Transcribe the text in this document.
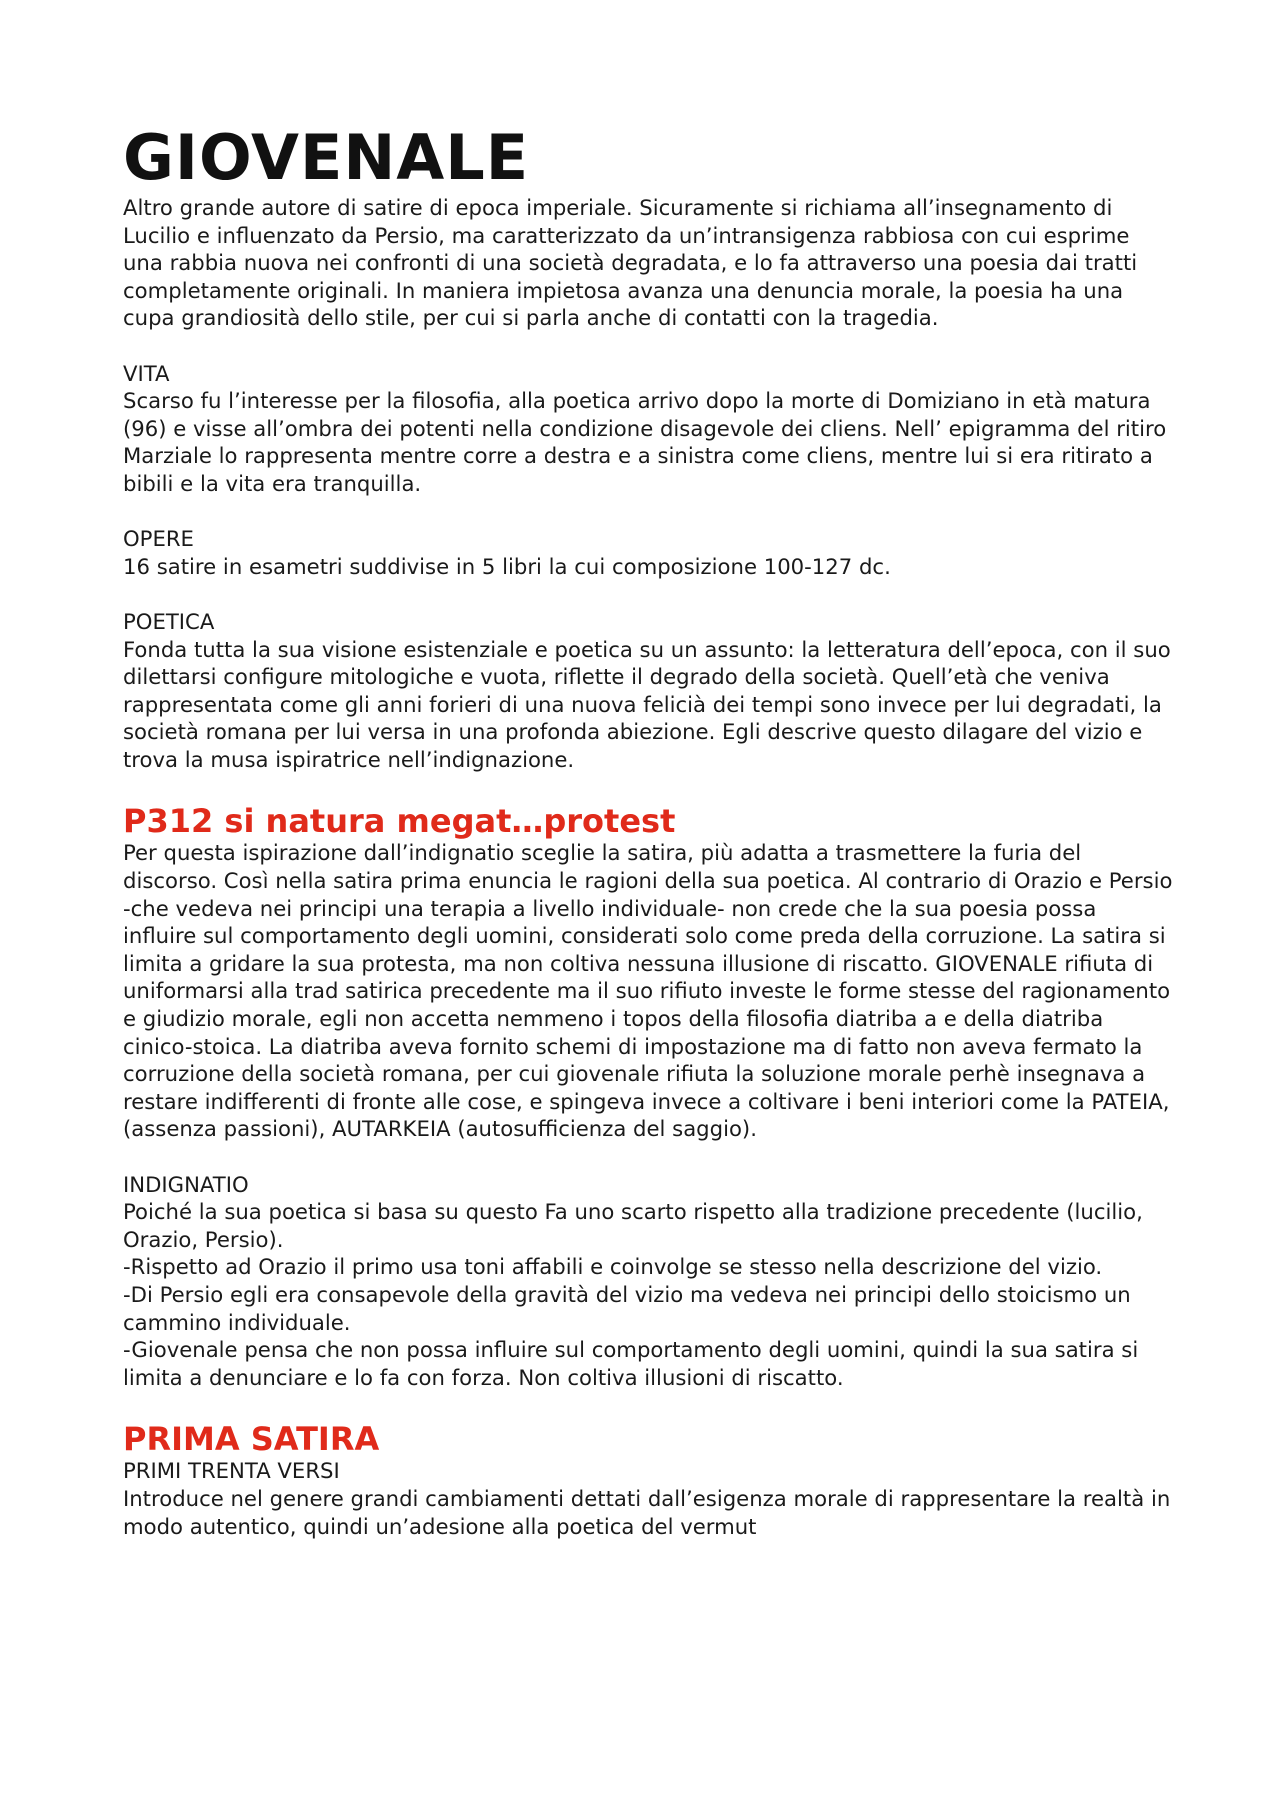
GIOVENALE

Altro grande autore di satire di epoca imperiale. Sicuramente si richiama all’insegnamento di Lucilio e influenzato da Persio, ma caratterizzato da un’intransigenza rabbiosa con cui esprime una rabbia nuova nei confronti di una società degradata, e lo fa attraverso una poesia dai tratti completamente originali. In maniera impietosa avanza una denuncia morale, la poesia ha una cupa grandiosità dello stile, per cui si parla anche di contatti con la tragedia.

VITA

Scarso fu l’interesse per la filosofia, alla poetica arrivo dopo la morte di Domiziano in età matura (96) e visse all’ombra dei potenti nella condizione disagevole dei cliens. Nell’ epigramma del ritiro Marziale lo rappresenta mentre corre a destra e a sinistra come cliens, mentre lui si era ritirato a bibili e la vita era tranquilla.

OPERE

16 satire in esametri suddivise in 5 libri la cui composizione 100-127 dc.

POETICA

Fonda tutta la sua visione esistenziale e poetica su un assunto: la letteratura dell’epoca, con il suo dilettarsi configure mitologiche e vuota, riflette il degrado della società. Quell’età che veniva rappresentata come gli anni forieri di una nuova felicià dei tempi sono invece per lui degradati, la società romana per lui versa in una profonda abiezione. Egli descrive questo dilagare del vizio e trova la musa ispiratrice nell’indignazione.

P312 si natura megat…protest

Per questa ispirazione dall’indignatio sceglie la satira, più adatta a trasmettere la furia del discorso. Così nella satira prima enuncia le ragioni della sua poetica. Al contrario di Orazio e Persio -che vedeva nei principi una terapia a livello individuale- non crede che la sua poesia possa influire sul comportamento degli uomini, considerati solo come preda della corruzione. La satira si limita a gridare la sua protesta, ma non coltiva nessuna illusione di riscatto. GIOVENALE rifiuta di uniformarsi alla trad satirica precedente ma il suo rifiuto investe le forme stesse del ragionamento e giudizio morale, egli non accetta nemmeno i topos della filosofia diatriba a e della diatriba cinico-stoica. La diatriba aveva fornito schemi di impostazione ma di fatto non aveva fermato la corruzione della società romana, per cui giovenale rifiuta la soluzione morale perhè insegnava a restare indifferenti di fronte alle cose, e spingeva invece a coltivare i beni interiori come la PATEIA, (assenza passioni), AUTARKEIA (autosufficienza del saggio).

INDIGNATIO

Poiché la sua poetica si basa su questo Fa uno scarto rispetto alla tradizione precedente (lucilio, Orazio, Persio).

-Rispetto ad Orazio il primo usa toni affabili e coinvolge se stesso nella descrizione del vizio.

-Di Persio egli era consapevole della gravità del vizio ma vedeva nei principi dello stoicismo un cammino individuale.

-Giovenale pensa che non possa influire sul comportamento degli uomini, quindi la sua satira si limita a denunciare e lo fa con forza. Non coltiva illusioni di riscatto.

PRIMA SATIRA
PRIMI TRENTA VERSI

Introduce nel genere grandi cambiamenti dettati dall’esigenza morale di rappresentare la realtà in modo autentico, quindi un’adesione alla poetica del vermut
